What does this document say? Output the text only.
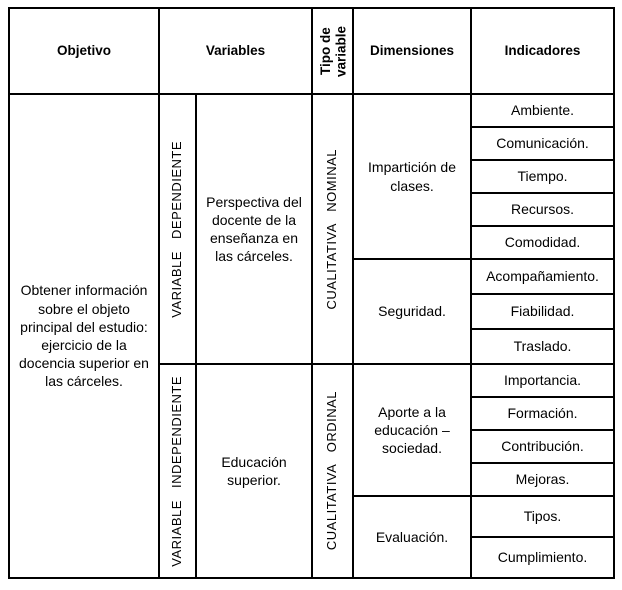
Objetivo	Variables		Tipo de variable	Dimensiones	Indicadores
Obtener información sobre el objeto principal del estudio: ejercicio de la docencia superior en las cárceles.	VARIABLE DEPENDIENTE	Perspectiva del docente de la enseñanza en las cárceles.	CUALITATIVA NOMINAL	Impartición de clases.	Ambiente.
					Comunicación.
					Tiempo.
					Recursos.
					Comodidad.
				Seguridad.	Acompañamiento.
					Fiabilidad.
					Traslado.

	VARIABLE INDEPENDIENTE	Educación superior.	CUALITATIVA ORDINAL	Aporte a la educación – sociedad.	Importancia.
					Formación.
					Contribución.
					Mejoras.
				Evaluación.	Tipos.
					Cumplimiento.
